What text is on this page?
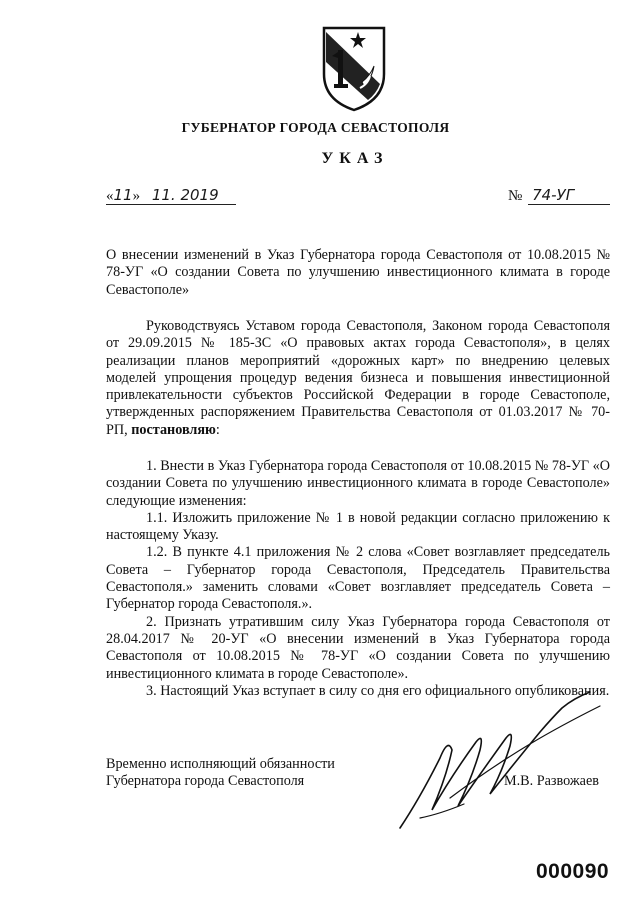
ГУБЕРНАТОР ГОРОДА СЕВАСТОПОЛЯ
УКАЗ
«11» 11. 2019	№ 74-УГ

О внесении изменений в Указ Губернатора города Севастополя от 10.08.2015 № 78-УГ «О создании Совета по улучшению инвестиционного климата в городе Севастополе»

Руководствуясь Уставом города Севастополя, Законом города Севастополя от 29.09.2015 № 185-ЗС «О правовых актах города Севастополя», в целях реализации планов мероприятий «дорожных карт» по внедрению целевых моделей упрощения процедур ведения бизнеса и повышения инвестиционной привлекательности субъектов Российской Федерации в городе Севастополе, утвержденных распоряжением Правительства Севастополя от 01.03.2017 № 70-РП, постановляю:

1. Внести в Указ Губернатора города Севастополя от 10.08.2015 № 78-УГ «О создании Совета по улучшению инвестиционного климата в городе Севастополе» следующие изменения:

1.1. Изложить приложение № 1 в новой редакции согласно приложению к настоящему Указу.

1.2. В пункте 4.1 приложения № 2 слова «Совет возглавляет председатель Совета – Губернатор города Севастополя, Председатель Правительства Севастополя.» заменить словами «Совет возглавляет председатель Совета – Губернатор города Севастополя.».

2. Признать утратившим силу Указ Губернатора города Севастополя от 28.04.2017 № 20-УГ «О внесении изменений в Указ Губернатора города Севастополя от 10.08.2015 № 78-УГ «О создании Совета по улучшению инвестиционного климата в городе Севастополе».

3. Настоящий Указ вступает в силу со дня его официального опубликования.

Временно исполняющий обязанности
Губернатора города Севастополя	М.В. Развожаев
000090
